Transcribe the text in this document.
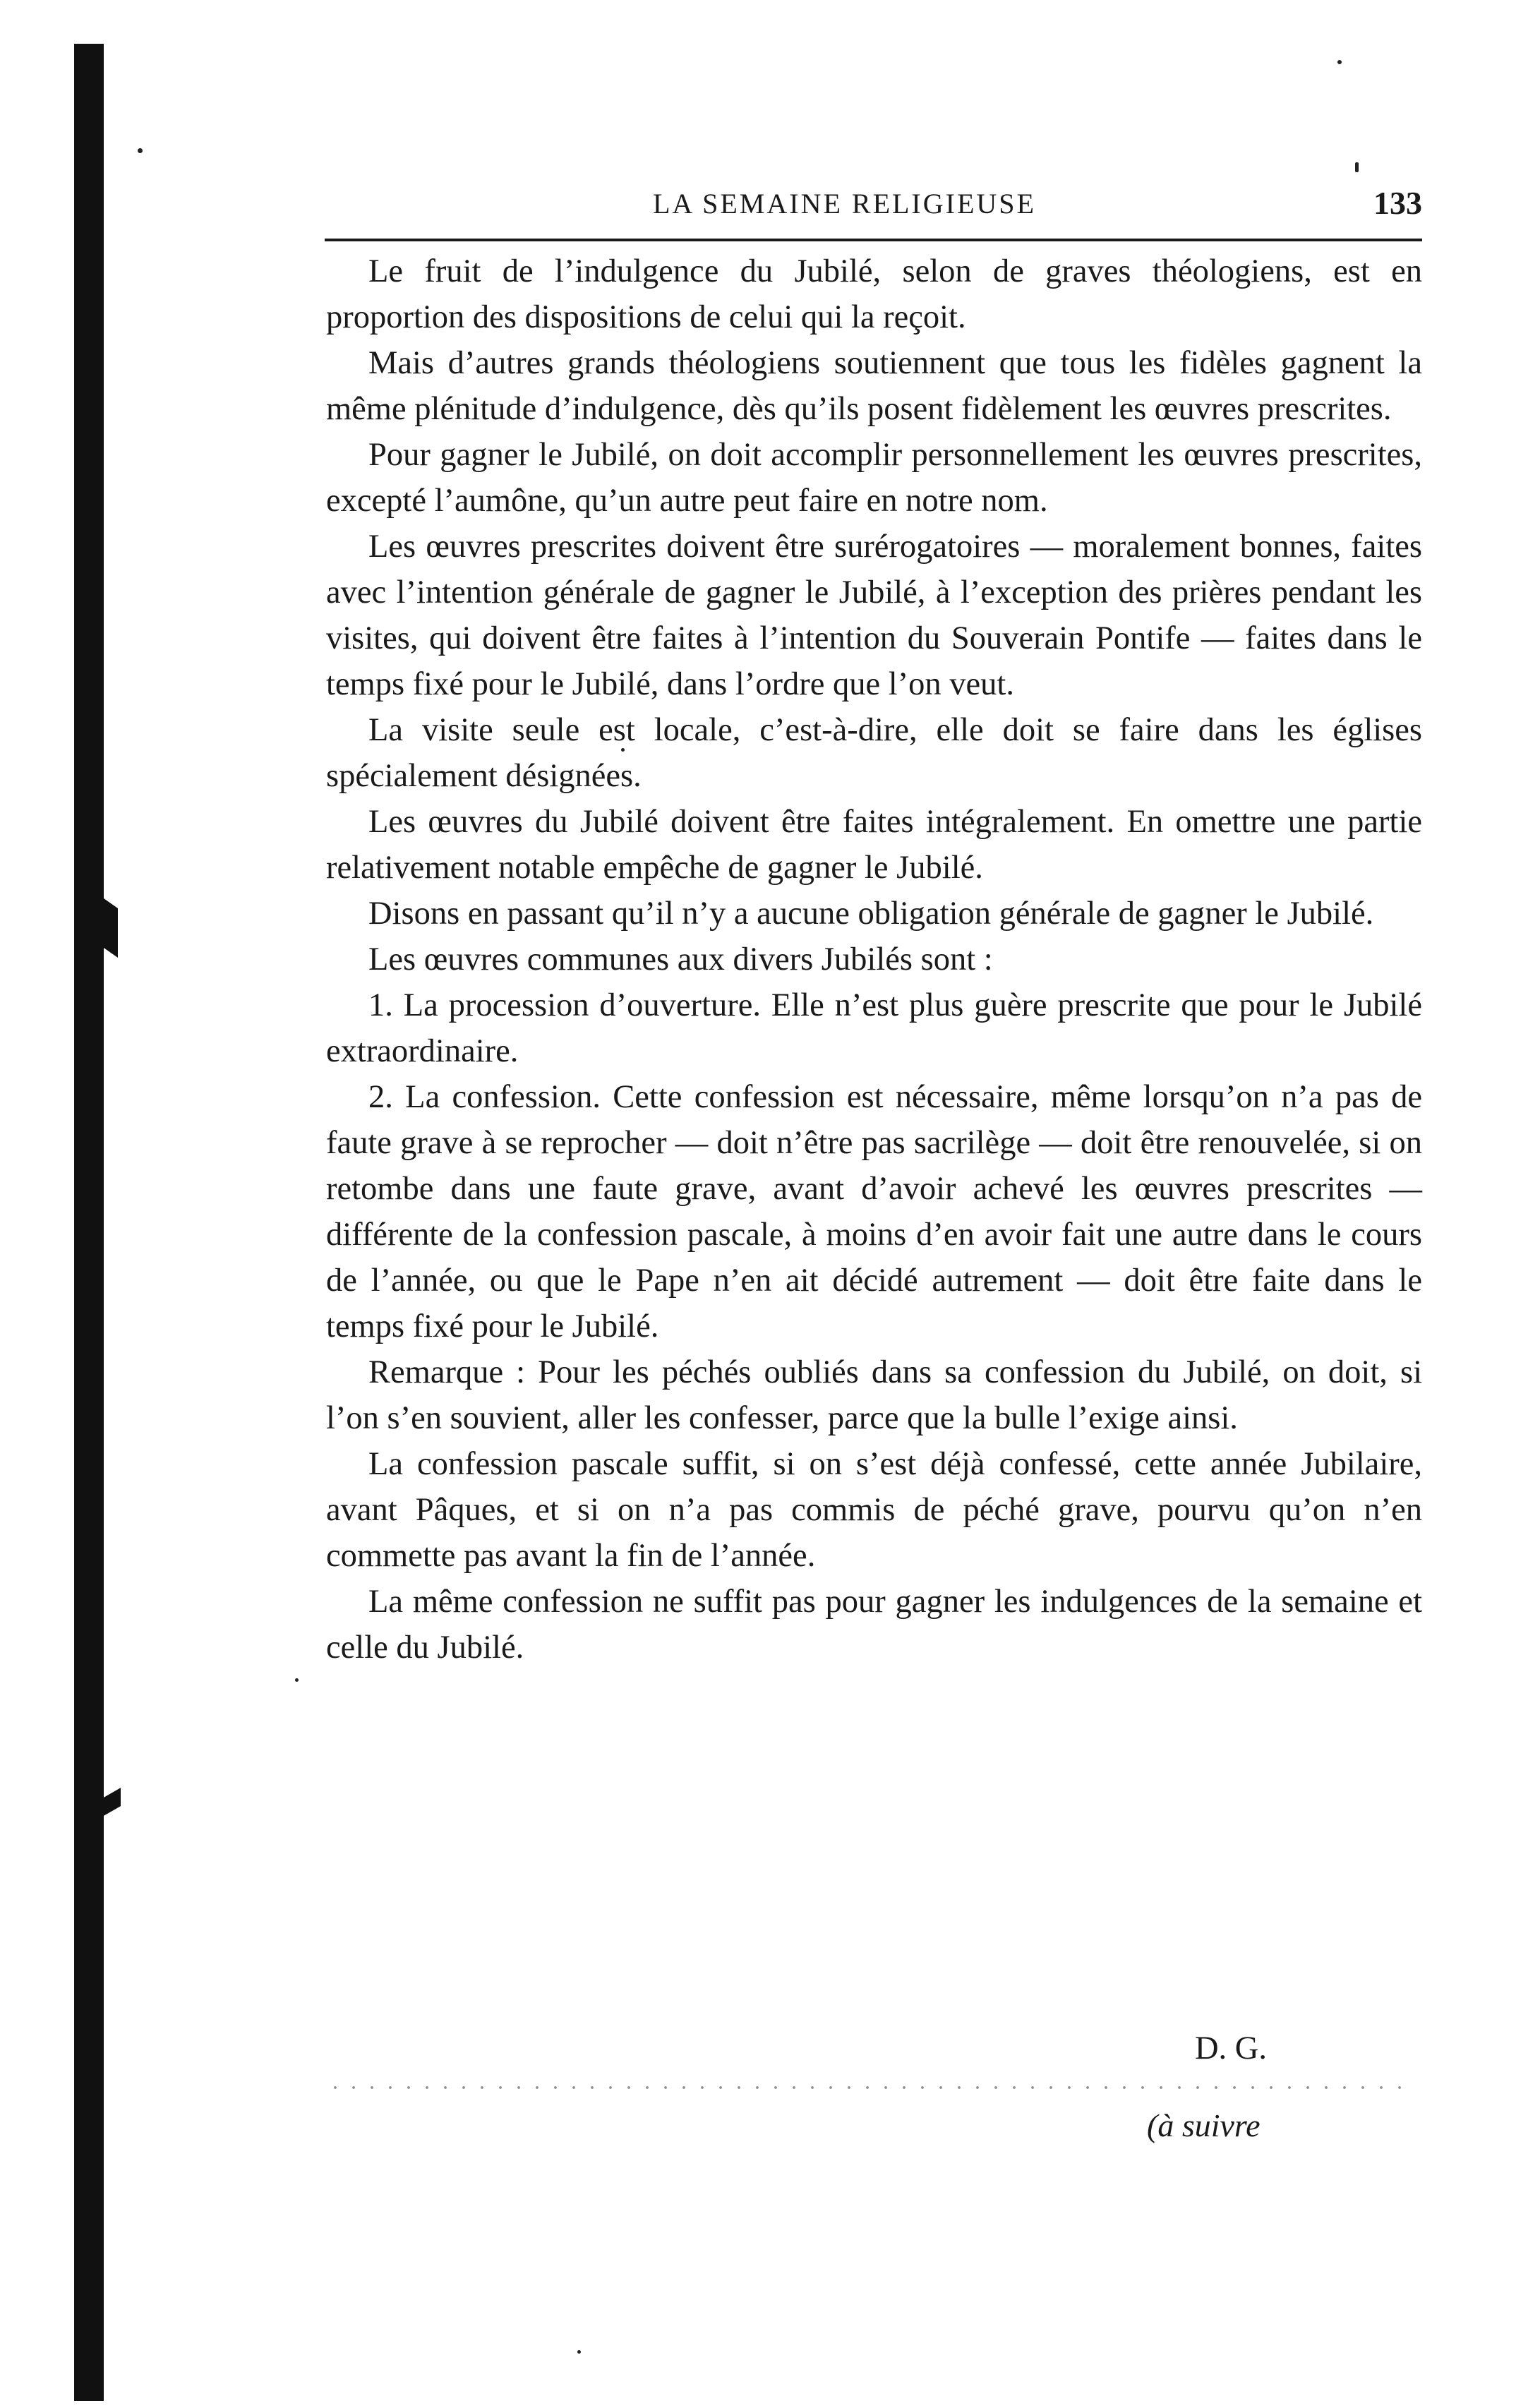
LA SEMAINE RELIGIEUSE	133

Le fruit de l’indulgence du Jubilé, selon de graves théologiens, est en proportion des dispositions de celui qui la reçoit.

Mais d’autres grands théologiens soutiennent que tous les fidèles gagnent la même plénitude d’indulgence, dès qu’ils posent fidèlement les œuvres prescrites.

Pour gagner le Jubilé, on doit accomplir personnellement les œuvres prescrites, excepté l’aumône, qu’un autre peut faire en notre nom.

Les œuvres prescrites doivent être surérogatoires — moralement bonnes, faites avec l’intention générale de gagner le Jubilé, à l’exception des prières pendant les visites, qui doivent être faites à l’intention du Souverain Pontife — faites dans le temps fixé pour le Jubilé, dans l’ordre que l’on veut.

La visite seule est locale, c’est-à-dire, elle doit se faire dans les églises spécialement désignées.

Les œuvres du Jubilé doivent être faites intégralement. En omettre une partie relativement notable empêche de gagner le Jubilé.

Disons en passant qu’il n’y a aucune obligation générale de gagner le Jubilé.

Les œuvres communes aux divers Jubilés sont :

1. La procession d’ouverture. Elle n’est plus guère prescrite que pour le Jubilé extraordinaire.

2. La confession. Cette confession est nécessaire, même lorsqu’on n’a pas de faute grave à se reprocher — doit n’être pas sacrilège — doit être renouvelée, si on retombe dans une faute grave, avant d’avoir achevé les œuvres prescrites — différente de la confession pascale, à moins d’en avoir fait une autre dans le cours de l’année, ou que le Pape n’en ait décidé autrement — doit être faite dans le temps fixé pour le Jubilé.

Remarque : Pour les péchés oubliés dans sa confession du Jubilé, on doit, si l’on s’en souvient, aller les confesser, parce que la bulle l’exige ainsi.

La confession pascale suffit, si on s’est déjà confessé, cette année Jubilaire, avant Pâques, et si on n’a pas commis de péché grave, pourvu qu’on n’en commette pas avant la fin de l’année.

La même confession ne suffit pas pour gagner les indulgences de la semaine et celle du Jubilé.

D. G.
(à suivre
